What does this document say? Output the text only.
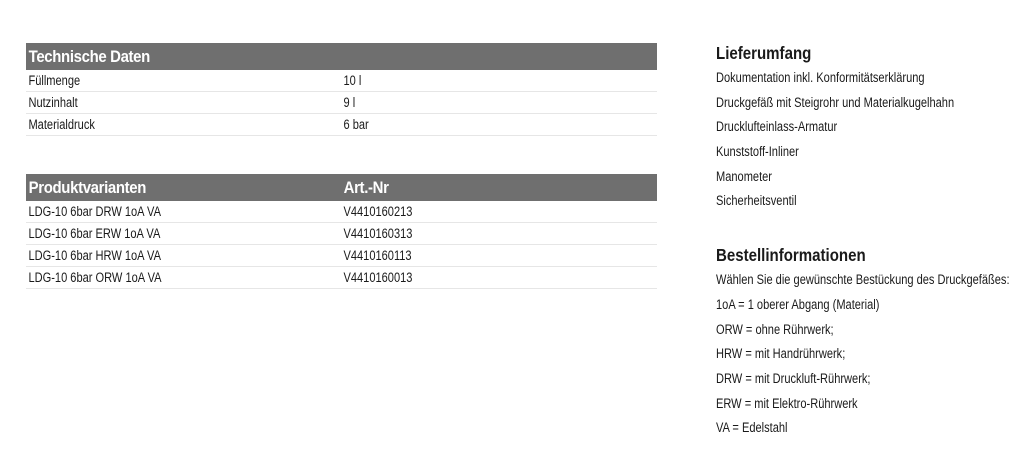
Technische Daten
Füllmenge	10 l
Nutzinhalt	9 l
Materialdruck	6 bar
Produktvarianten	Art.-Nr
LDG-10 6bar DRW 1oA VA	V4410160213
LDG-10 6bar ERW 1oA VA	V4410160313
LDG-10 6bar HRW 1oA VA	V4410160113
LDG-10 6bar ORW 1oA VA	V4410160013
Lieferumfang
Dokumentation inkl. Konformitätserklärung
Druckgefäß mit Steigrohr und Materialkugelhahn
Drucklufteinlass-Armatur
Kunststoff-Inliner
Manometer
Sicherheitsventil
Bestellinformationen
Wählen Sie die gewünschte Bestückung des Druckgefäßes:
1oA = 1 oberer Abgang (Material)
ORW = ohne Rührwerk;
HRW = mit Handrührwerk;
DRW = mit Druckluft-Rührwerk;
ERW = mit Elektro-Rührwerk
VA = Edelstahl
